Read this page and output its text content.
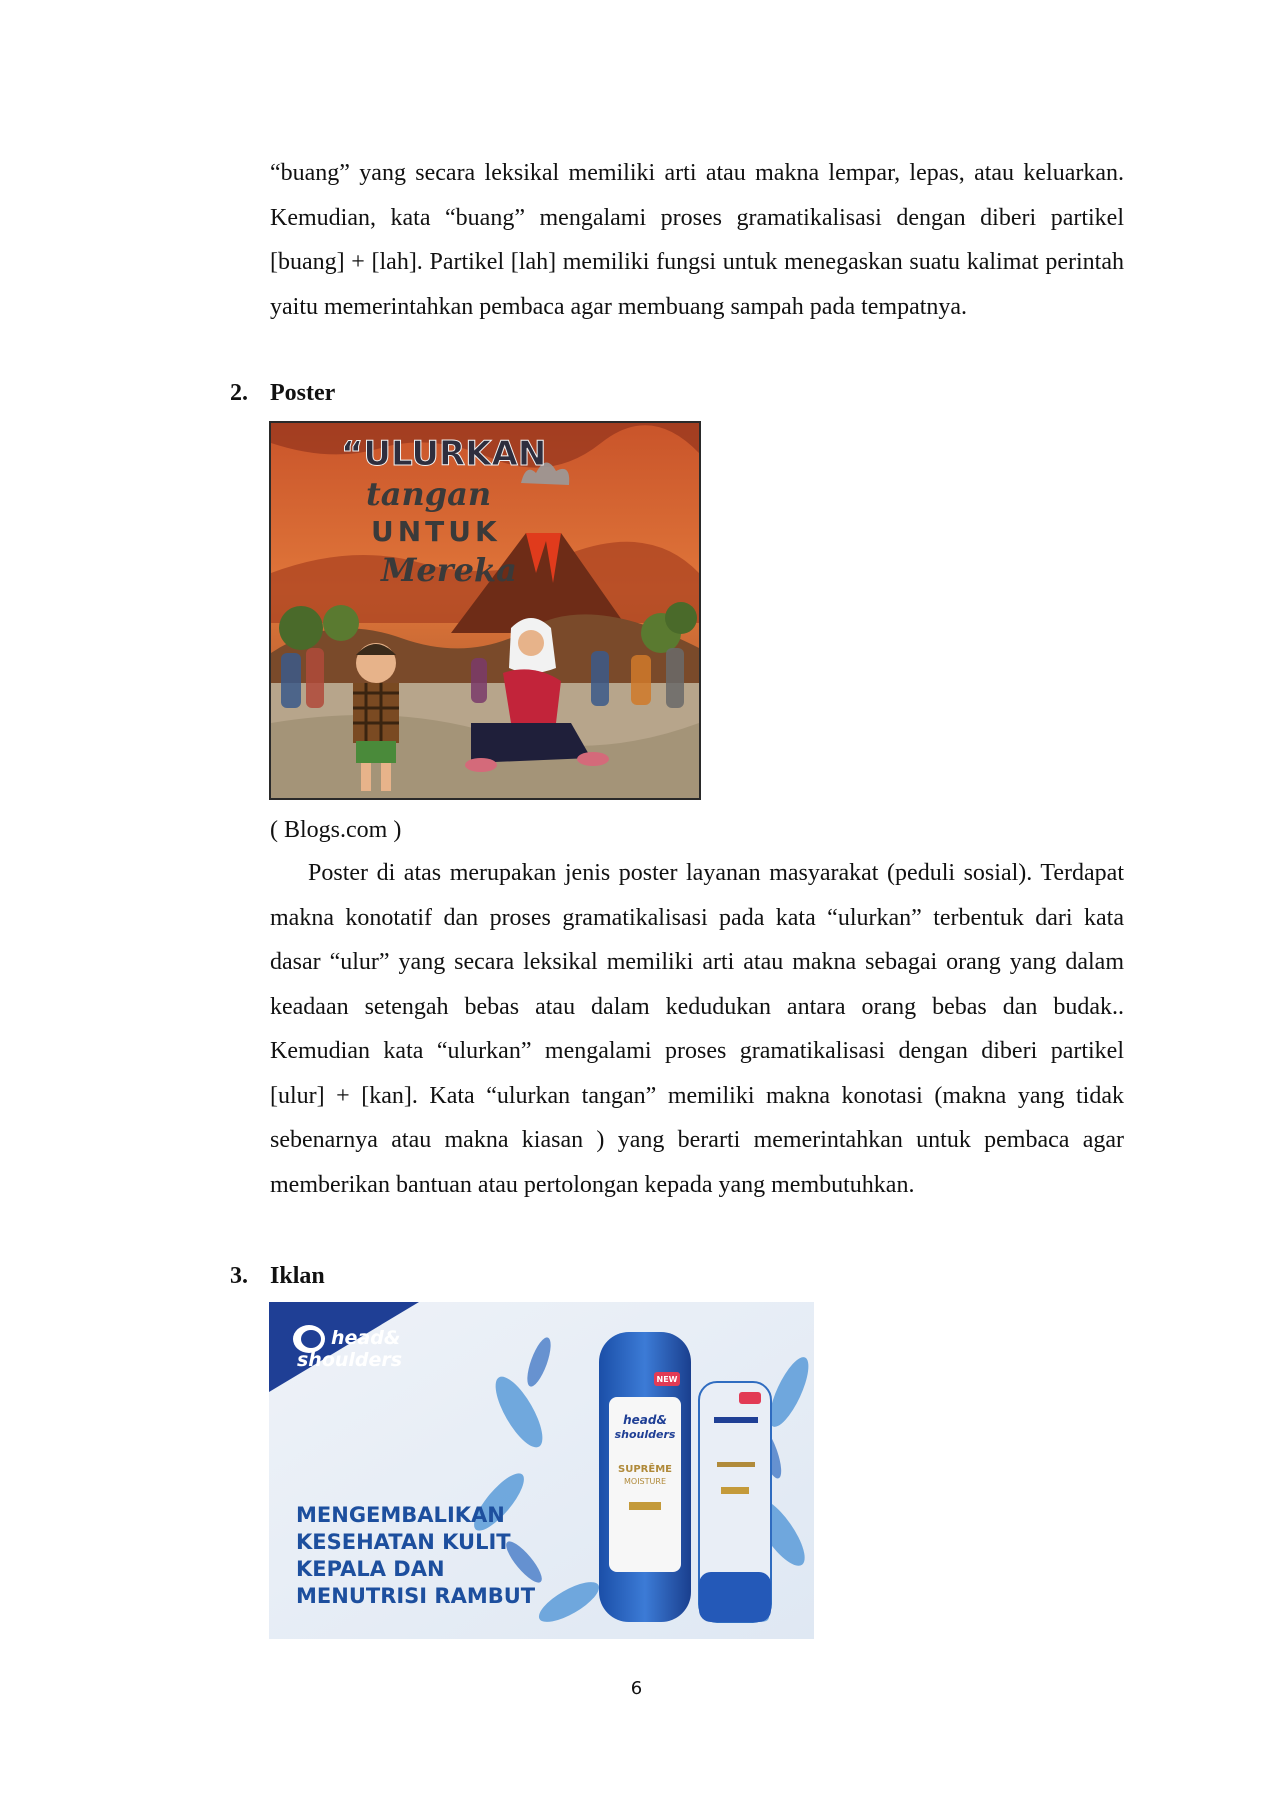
“buang” yang secara leksikal memiliki arti atau makna lempar, lepas, atau keluarkan. Kemudian, kata “buang” mengalami proses gramatikalisasi dengan diberi partikel [buang] + [lah]. Partikel [lah] memiliki fungsi untuk menegaskan suatu kalimat perintah yaitu memerintahkan pembaca agar membuang sampah pada tempatnya.

2. Poster
“ULURKAN
tangan
UNTUK
Mereka
( Blogs.com )

Poster di atas merupakan jenis poster layanan masyarakat (peduli sosial). Terdapat makna konotatif dan proses gramatikalisasi pada kata “ulurkan” terbentuk dari kata dasar “ulur” yang secara leksikal memiliki arti atau makna sebagai orang yang dalam keadaan setengah bebas atau dalam kedudukan antara orang bebas dan budak.. Kemudian kata “ulurkan” mengalami proses gramatikalisasi dengan diberi partikel [ulur] + [kan]. Kata “ulurkan tangan” memiliki makna konotasi (makna yang tidak sebenarnya atau makna kiasan ) yang berarti memerintahkan untuk pembaca agar memberikan bantuan atau pertolongan kepada yang membutuhkan.

3. Iklan
NEW
head&
shoulders
SUPRÊME
MOISTURE
head&
shoulders
MENGEMBALIKAN
KESEHATAN KULIT
KEPALA DAN
MENUTRISI RAMBUT
6
